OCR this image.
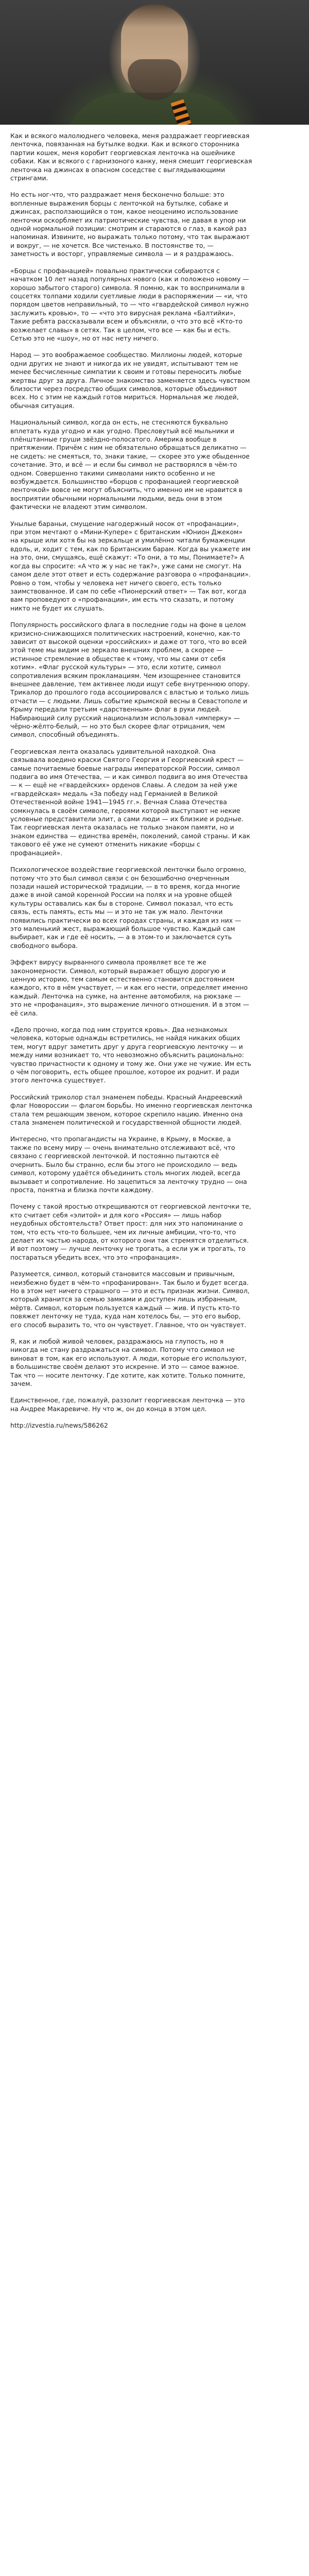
Как и всякого малолюднего человека, меня раздражает георгиевская ленточка, повязанная на бутылке водки. Как и всякого сторонника партии кошек, меня коробит георгиевская ленточка на ошейнике собаки. Как и всякого с гарнизоного канку, меня смешит георгиевская ленточка на джинсах в опасном соседстве с выглядывающими стрингами.

Но есть ног-что, что раздражает меня бесконечно больше: это вопленные выражения борцы с ленточкой на бутылке, собаке и джинсах, расползающийся о том, какое неоценимо использование ленточки оскорбляет их патриотические чувства, не давая в упор ни одной нормальной позиции: смотрим и стараются о глаз, в какой раз напоминая. Извините, но выражать только потому, что так выражают и вокруг, — не хочется. Все чистенько. В постоянстве то, — заметность и восторг, управляемые символа — и я раздражаюсь.

«Борцы с профанацией» повально практически собираются с начатком 10 лет назад популярных нового (как и положено новому — хорошо забытого старого) символа. Я помню, как то воспринимали в соцсетях толпами ходили суетливые люди в распоряжении — «и, что порядом цветов неправильный, то — что «гвардейской символ нужно заслужить кровью», то — «что это вирусная реклама «Балтийки», Такие ребята рассказывали всем и объясняли, о что это всё «Кто-то возжелает славы» в сетях. Так в целом, что все — как бы и есть. Сетью это не «шоу», но от нас нету ничего.

Народ — это воображаемое сообщество. Миллионы людей, которые одни других не знают и никогда их не увидят, испытывают тем не менее бесчисленные симпатии к своим и готовы переносить любые жертвы друг за друга. Личное знакомство заменяется здесь чувством близости через посредство общих символов, которые объединяют всех. Но с этим не каждый готов мириться. Нормальная же людей, обычная ситуация.

Национальный символ, когда он есть, не стесняются буквально вплетать куда угодно и как угодно. Пресловутый всё мыльники и плёнштанные груши звёздно-полосатого. Америка вообще в притяжении. Причём с ним не обязательно обращаться деликатно — не сидеть: не смеяться, то, знаки такие, — скорее это уже обыденное сочетание. Это, и всё — и если бы символ не растворялся в чём-то одном. Совершенно такими символами никто особенно и не возбуждается. Большинство «борцов с профанацией георгиевской ленточкой» вовсе не могут объяснить, что именно им не нравится в восприятии обычными нормальными людьми, ведь они в этом фактически не владеют этим символом.

Унылые бараньи, смущение нагодержный носок от «профанации», при этом мечтают о «Мини-Купере» с британским «Юнион Джеком» на крыше или хотя бы на зеркальце и умилённо читали бумаженции вдоль, и, ходит с тем, как по Британским барам. Когда вы укажете им на это, они, смущаясь, ещё скажут: «То они, а то мы, Понимаете?» А когда вы спросите: «А что ж у нас не так?», уже сами не смогут. На самом деле этот ответ и есть содержание разговора о «профанации». Ровно о том, чтобы у человека нет ничего своего, есть только заимствованное. И сам по себе «Пионерский ответ» — Так вот, когда вам проповедуют о «профанации», им есть что сказать, и потому никто не будет их слушать.

Популярность российского флага в последние годы на фоне в целом кризисно-снижающихся политических настроений, конечно, как-то зависит от высокой оценки «российских» и даже от того, что во всей этой теме мы видим не зеркало внешних проблем, а скорее — истинное стремление в обществе к «тому, что мы сами от себя хотим». «Флаг русской культуры» — это, если хотите, символ сопротивления всяким прокламациям. Чем изощреннее становится внешнее давление, тем активнее люди ищут себе внутреннюю опору. Трикалор до прошлого года ассоциировался с властью и только лишь отчасти — с людьми. Лишь событие крымской весны в Севастополе и Крыму передали третьим «дарственным» флаг в руки людей. Набирающий силу русский национализм использовал «имперку» — чёрно-жёлто-белый, — но это был скорее флаг отрицания, чем символ, способный объединять.

Георгиевская лента оказалась удивительной находкой. Она связывала воедино краски Святого Георгия и Георгиевский крест — самые почитаемые боевые награды императорской России, символ подвига во имя Отечества, — и как символ подвига во имя Отечества — к — ещё не «гвардейских» орденов Славы. А следом за ней уже «гвардейская» медаль «За победу над Германией в Великой Отечественной войне 1941—1945 гг.». Вечная Слава Отечества сомкнулась в своём символе, героями которой выступают не некие условные представители элит, а сами люди — их близкие и родные. Так георгиевская лента оказалась не только знаком памяти, но и знаком единства — единства времён, поколений, самой страны. И как такового её уже не сумеют отменить никакие «борцы с профанацией».

Психологическое воздействие георгиевской ленточки было огромно, потому что это был символ связи с он безошибочно очерченным позади нашей исторической традиции, — в то время, когда многие даже в иной самой коренной России на полях и на уровне общей культуры оставались как бы в стороне. Символ показал, что есть связь, есть память, есть мы — и это не так уж мало. Ленточки появились практически во всех городах страны, и каждая из них — это маленький жест, выражающий большое чувство. Каждый сам выбирает, как и где её носить, — а в этом-то и заключается суть свободного выбора.

Эффект вирусу вырванного символа проявляет все те же закономерности. Символ, который выражает общую дорогую и ценную историю, тем самым естественно становится достоянием каждого, кто в нём участвует, — и как его нести, определяет именно каждый. Ленточка на сумке, на антенне автомобиля, на рюкзаке — это не «профанация», это выражение личного отношения. И в этом — её сила.

«Дело прочно, когда под ним струится кровь». Два незнакомых человека, которые однажды встретились, не найдя никаких общих тем, могут вдруг заметить друг у друга георгиевскую ленточку — и между ними возникает то, что невозможно объяснить рационально: чувство причастности к одному и тому же. Они уже не чужие. Им есть о чём поговорить, есть общее прошлое, которое их роднит. И ради этого ленточка существует.

Российский триколор стал знаменем победы. Красный Андреевский флаг Новороссии — флагом борьбы. Но именно георгиевская ленточка стала тем решающим звеном, которое скрепило нацию. Именно она стала знаменем политической и государственной общности людей.

Интересно, что пропагандисты на Украине, в Крыму, в Москве, а также по всему миру — очень внимательно отслеживают всё, что связано с георгиевской ленточкой. И постоянно пытаются её очернить. Было бы странно, если бы этого не происходило — ведь символ, которому удаётся объединить столь многих людей, всегда вызывает и сопротивление. Но зацепиться за ленточку трудно — она проста, понятна и близка почти каждому.

Почему с такой яростью открещиваются от георгиевской ленточки те, кто считает себя «элитой» и для кого «Россия» — лишь набор неудобных обстоятельств? Ответ прост: для них это напоминание о том, что есть что-то большее, чем их личные амбиции, что-то, что делает их частью народа, от которого они так стремятся отделиться. И вот поэтому — лучше ленточку не трогать, а если уж и трогать, то постараться убедить всех, что это «профанация».

Разумеется, символ, который становится массовым и привычным, неизбежно будет в чём-то «профанирован». Так было и будет всегда. Но в этом нет ничего страшного — это и есть признак жизни. Символ, который хранится за семью замками и доступен лишь избранным, мёртв. Символ, которым пользуется каждый — жив. И пусть кто-то повяжет ленточку не туда, куда нам хотелось бы, — это его выбор, его способ выразить то, что он чувствует. Главное, что он чувствует.

Я, как и любой живой человек, раздражаюсь на глупость, но я никогда не стану раздражаться на символ. Потому что символ не виноват в том, как его используют. А люди, которые его используют, в большинстве своём делают это искренне. И это — самое важное. Так что — носите ленточку. Где хотите, как хотите. Только помните, зачем.

Единственное, где, пожалуй, раззолит георгиевская ленточка — это на Андрее Макаревиче. Ну что ж, он до конца в этом цел.

http://izvestia.ru/news/586262
